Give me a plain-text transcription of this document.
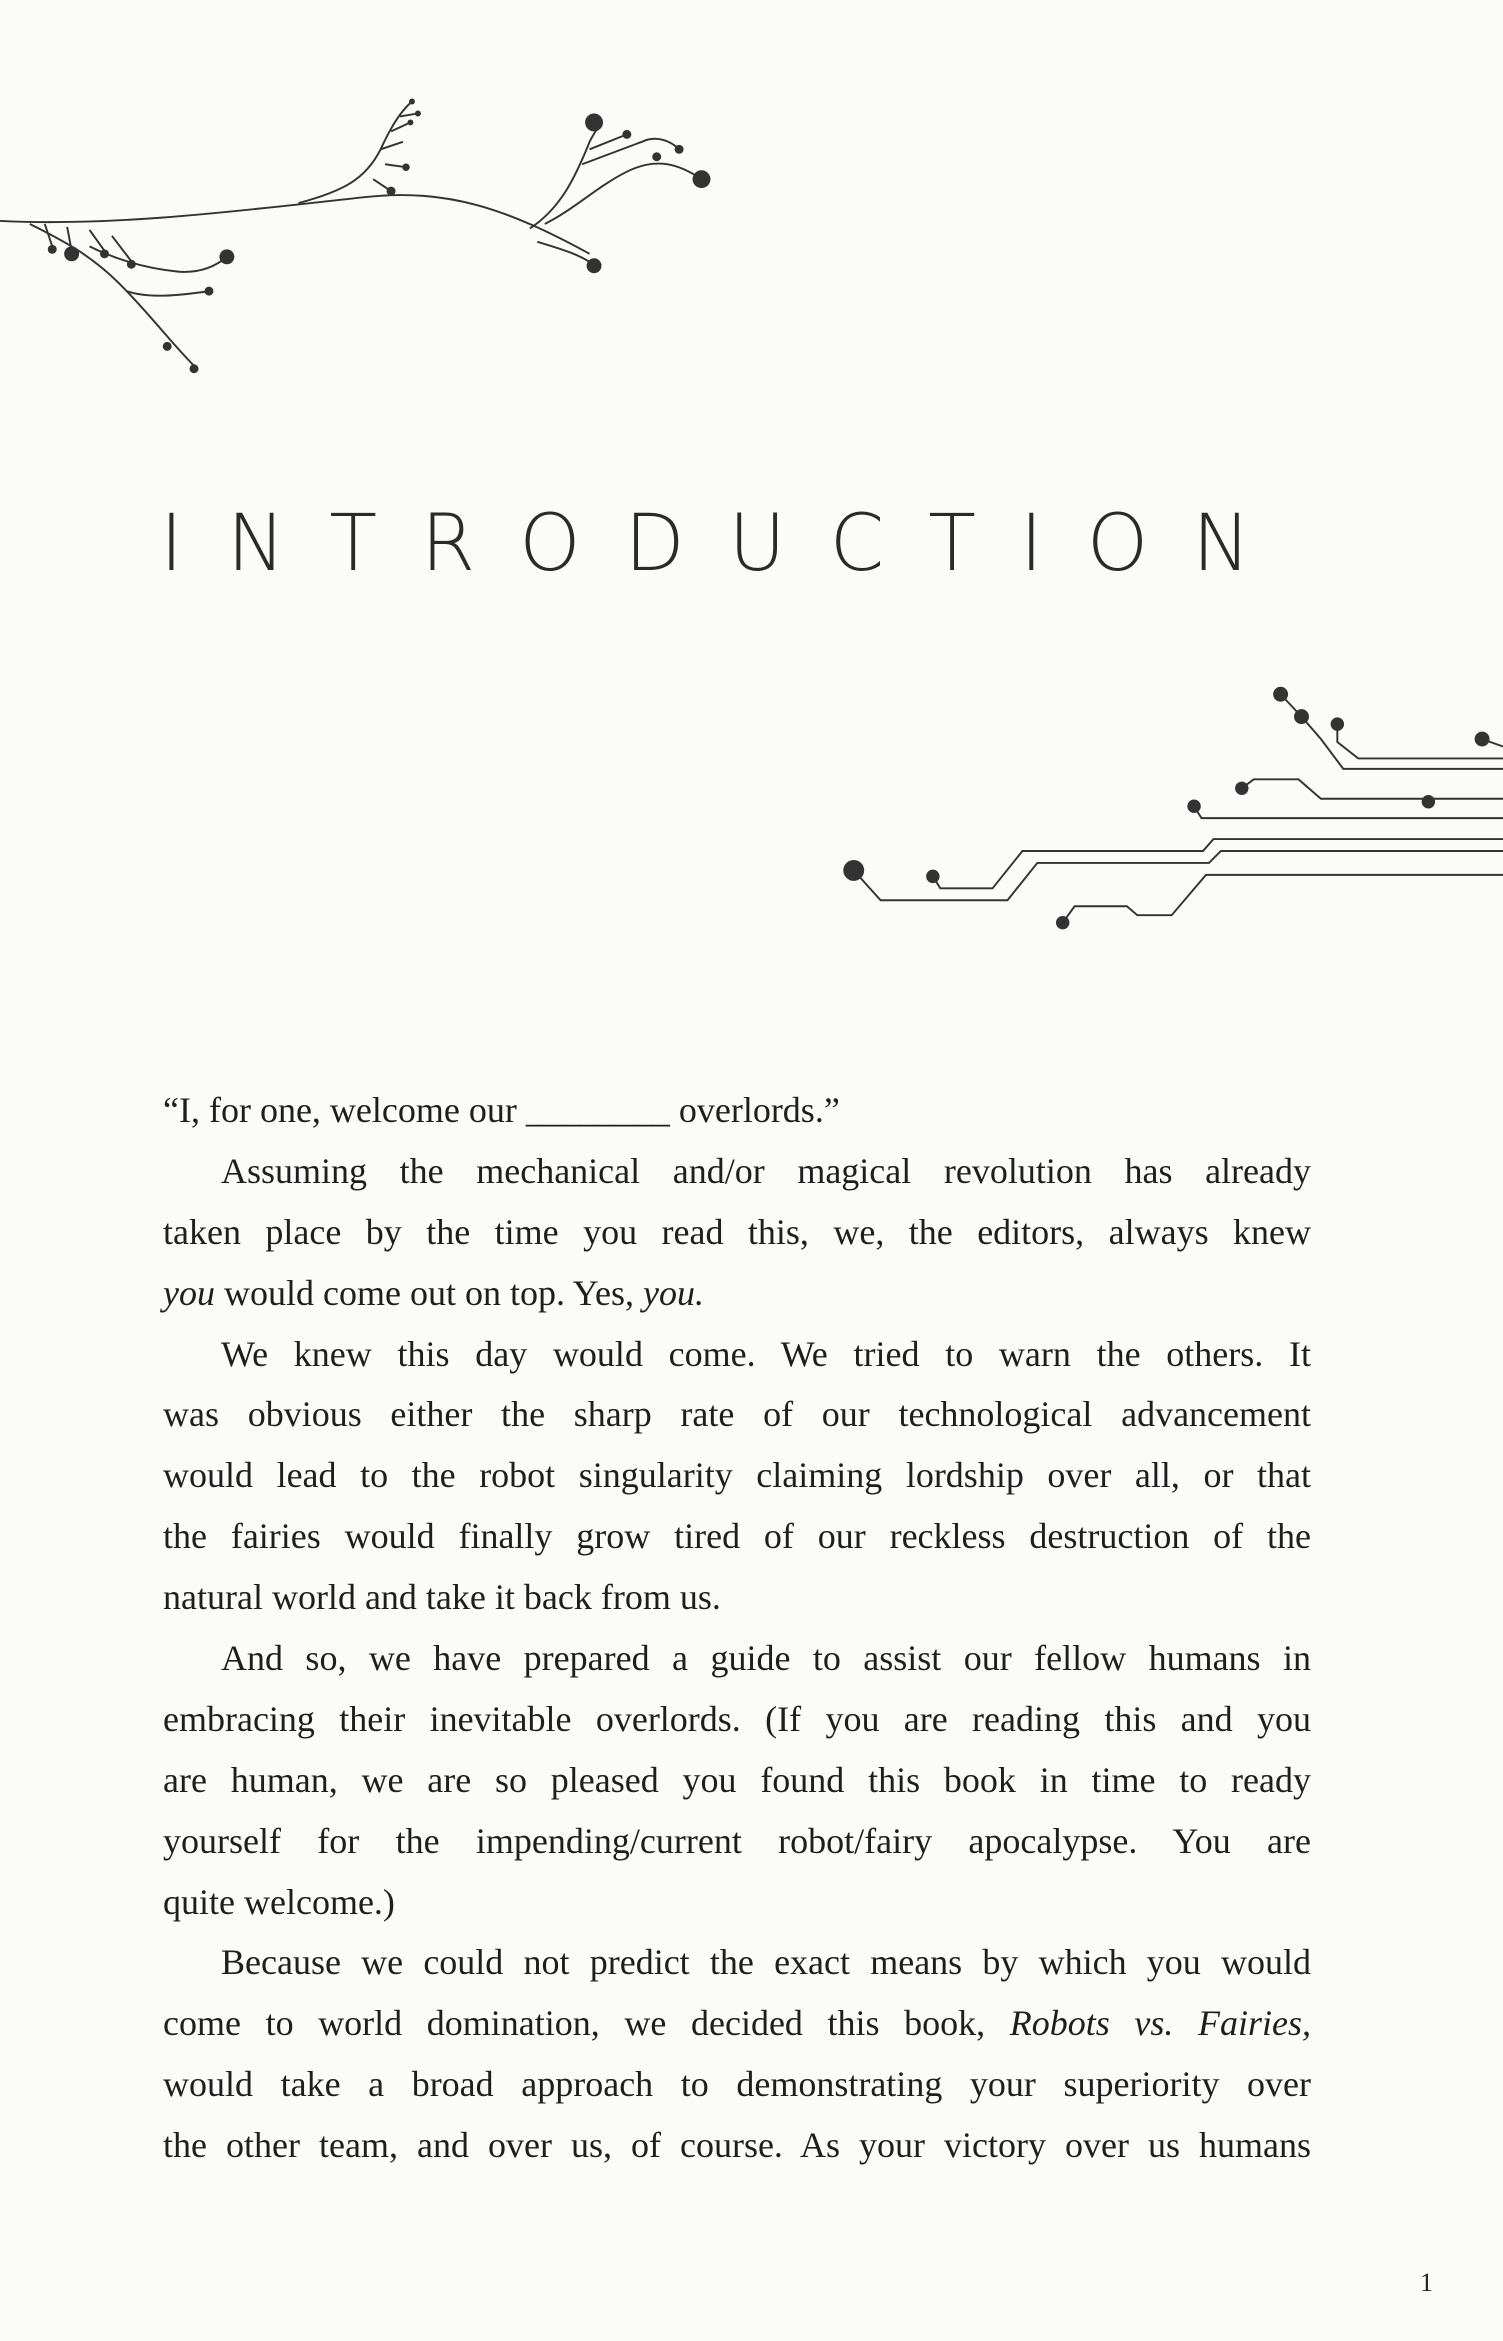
INTRODUCTION
“I, for one, welcome our ________ overlords.”
Assuming the mechanical and/or magical revolution has already
taken place by the time you read this, we, the editors, always knew
you would come out on top. Yes, you.
We knew this day would come. We tried to warn the others. It
was obvious either the sharp rate of our technological advancement
would lead to the robot singularity claiming lordship over all, or that
the fairies would finally grow tired of our reckless destruction of the
natural world and take it back from us.
And so, we have prepared a guide to assist our fellow humans in
embracing their inevitable overlords. (If you are reading this and you
are human, we are so pleased you found this book in time to ready
yourself for the impending/current robot/fairy apocalypse. You are
quite welcome.)
Because we could not predict the exact means by which you would
come to world domination, we decided this book, Robots vs. Fairies,
would take a broad approach to demonstrating your superiority over
the other team, and over us, of course. As your victory over us humans
1
